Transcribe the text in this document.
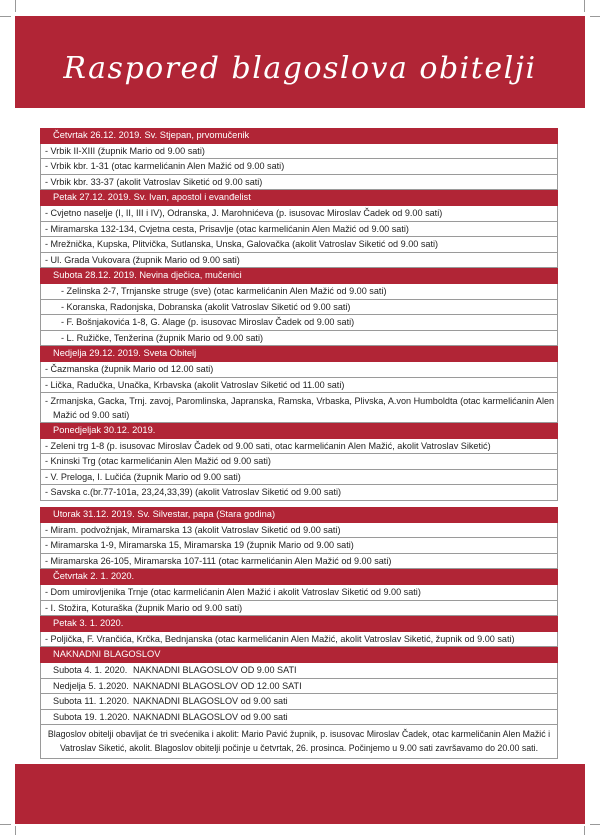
Raspored blagoslova obitelji
Četvrtak 26.12. 2019. Sv. Stjepan, prvomučenik
- Vrbik II-XIII (župnik Mario od 9.00 sati)
- Vrbik kbr. 1-31 (otac karmelićanin Alen Mažić od 9.00 sati)
- Vrbik kbr. 33-37 (akolit Vatroslav Siketić od 9.00 sati)
Petak 27.12. 2019. Sv. Ivan, apostol i evanđelist
- Cvjetno naselje (I, II, III i IV), Odranska, J. Marohnićeva (p. isusovac Miroslav Čadek od 9.00 sati)
- Miramarska 132-134, Cvjetna cesta, Prisavlje (otac karmelićanin Alen Mažić od 9.00 sati)
- Mrežnička, Kupska, Plitvička, Sutlanska, Unska, Galovačka (akolit Vatroslav Siketić od 9.00 sati)
- Ul. Grada Vukovara (župnik Mario od 9.00 sati)
Subota 28.12. 2019. Nevina dječica, mučenici
- Zelinska 2-7, Trnjanske struge (sve) (otac karmelićanin Alen Mažić od 9.00 sati)
- Koranska, Radonjska, Dobranska (akolit Vatroslav Siketić od 9.00 sati)
- F. Bošnjakovića 1-8, G. Alage (p. isusovac Miroslav Čadek od 9.00 sati)
- L. Ružičke, Tenžerina (župnik Mario od 9.00 sati)
Nedjelja 29.12. 2019. Sveta Obitelj
- Čazmanska (župnik Mario od 12.00 sati)
- Lička, Radučka, Unačka, Krbavska (akolit Vatroslav Siketić od 11.00 sati)
- Zrmanjska, Gacka, Trnj. zavoj, Paromlinska, Japranska, Ramska, Vrbaska, Plivska, A.von Humboldta (otac karmelićanin Alen Mažić od 9.00 sati)
Ponedjeljak 30.12. 2019.
- Zeleni trg 1-8 (p. isusovac Miroslav Čadek od 9.00 sati, otac karmelićanin Alen Mažić, akolit Vatroslav Siketić)
- Kninski Trg (otac karmelićanin Alen Mažić od 9.00 sati)
- V. Preloga, I. Lučića (župnik Mario od 9.00 sati)
- Savska c.(br.77-101a, 23,24,33,39) (akolit Vatroslav Siketić od 9.00 sati)
Utorak 31.12. 2019. Sv. Silvestar, papa (Stara godina)
- Miram. podvožnjak, Miramarska 13 (akolit Vatroslav Siketić od 9.00 sati)
- Miramarska 1-9, Miramarska 15, Miramarska 19 (župnik Mario od 9.00 sati)
- Miramarska 26-105, Miramarska 107-111 (otac karmelićanin Alen Mažić od 9.00 sati)
Četvrtak 2. 1. 2020.
- Dom umirovljenika Trnje (otac karmelićanin Alen Mažić i akolit Vatroslav Siketić od 9.00 sati)
- I. Stožira, Koturaška (župnik Mario od 9.00 sati)
Petak 3. 1. 2020.
- Poljička, F. Vrančića, Krčka, Bednjanska (otac karmelićanin Alen Mažić, akolit Vatroslav Siketić, župnik od 9.00 sati)
NAKNADNI BLAGOSLOV
Subota 4. 1. 2020. NAKNADNI BLAGOSLOV OD 9.00 SATI
Nedjelja 5. 1.2020. NAKNADNI BLAGOSLOV OD 12.00 SATI
Subota 11. 1.2020. NAKNADNI BLAGOSLOV od 9.00 sati
Subota 19. 1.2020. NAKNADNI BLAGOSLOV od 9.00 sati
Blagoslov obitelji obavljat će tri svećenika i akolit: Mario Pavić župnik, p. isusovac Miroslav Čadek, otac karmeličanin Alen Mažić i Vatroslav Siketić, akolit. Blagoslov obitelji počinje u četvrtak, 26. prosinca. Počinjemo u 9.00 sati završavamo do 20.00 sati.
